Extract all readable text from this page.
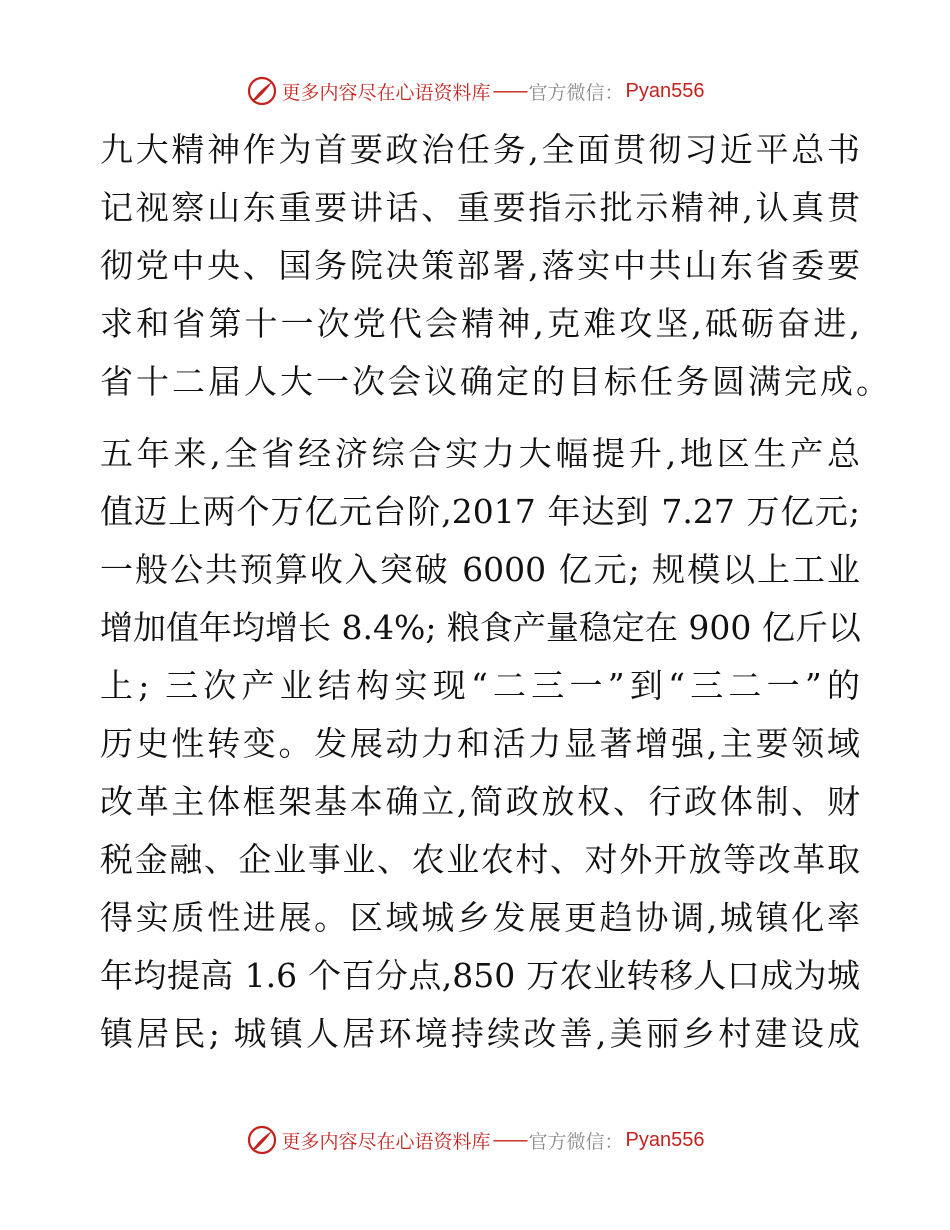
更多内容尽在心语资料库 —— 官方微信： Pyan556
九大精神作为首要政治任务,全面贯彻习近平总书
记视察山东重要讲话、重要指示批示精神,认真贯
彻党中央、国务院决策部署,落实中共山东省委要
求和省第十一次党代会精神,克难攻坚,砥砺奋进,
省十二届人大一次会议确定的目标任务圆满完成。
五年来,全省经济综合实力大幅提升,地区生产总
值迈上两个万亿元台阶,2017 年达到 7.27 万亿元;
一般公共预算收入突破 6000 亿元; 规模以上工业
增加值年均增长 8.4%; 粮食产量稳定在 900 亿斤以
上; 三次产业结构实现“二三一”到“三二一”的
历史性转变。发展动力和活力显著增强,主要领域
改革主体框架基本确立,简政放权、行政体制、财
税金融、企业事业、农业农村、对外开放等改革取
得实质性进展。区域城乡发展更趋协调,城镇化率
年均提高 1.6 个百分点,850 万农业转移人口成为城
镇居民; 城镇人居环境持续改善,美丽乡村建设成
更多内容尽在心语资料库 —— 官方微信： Pyan556
